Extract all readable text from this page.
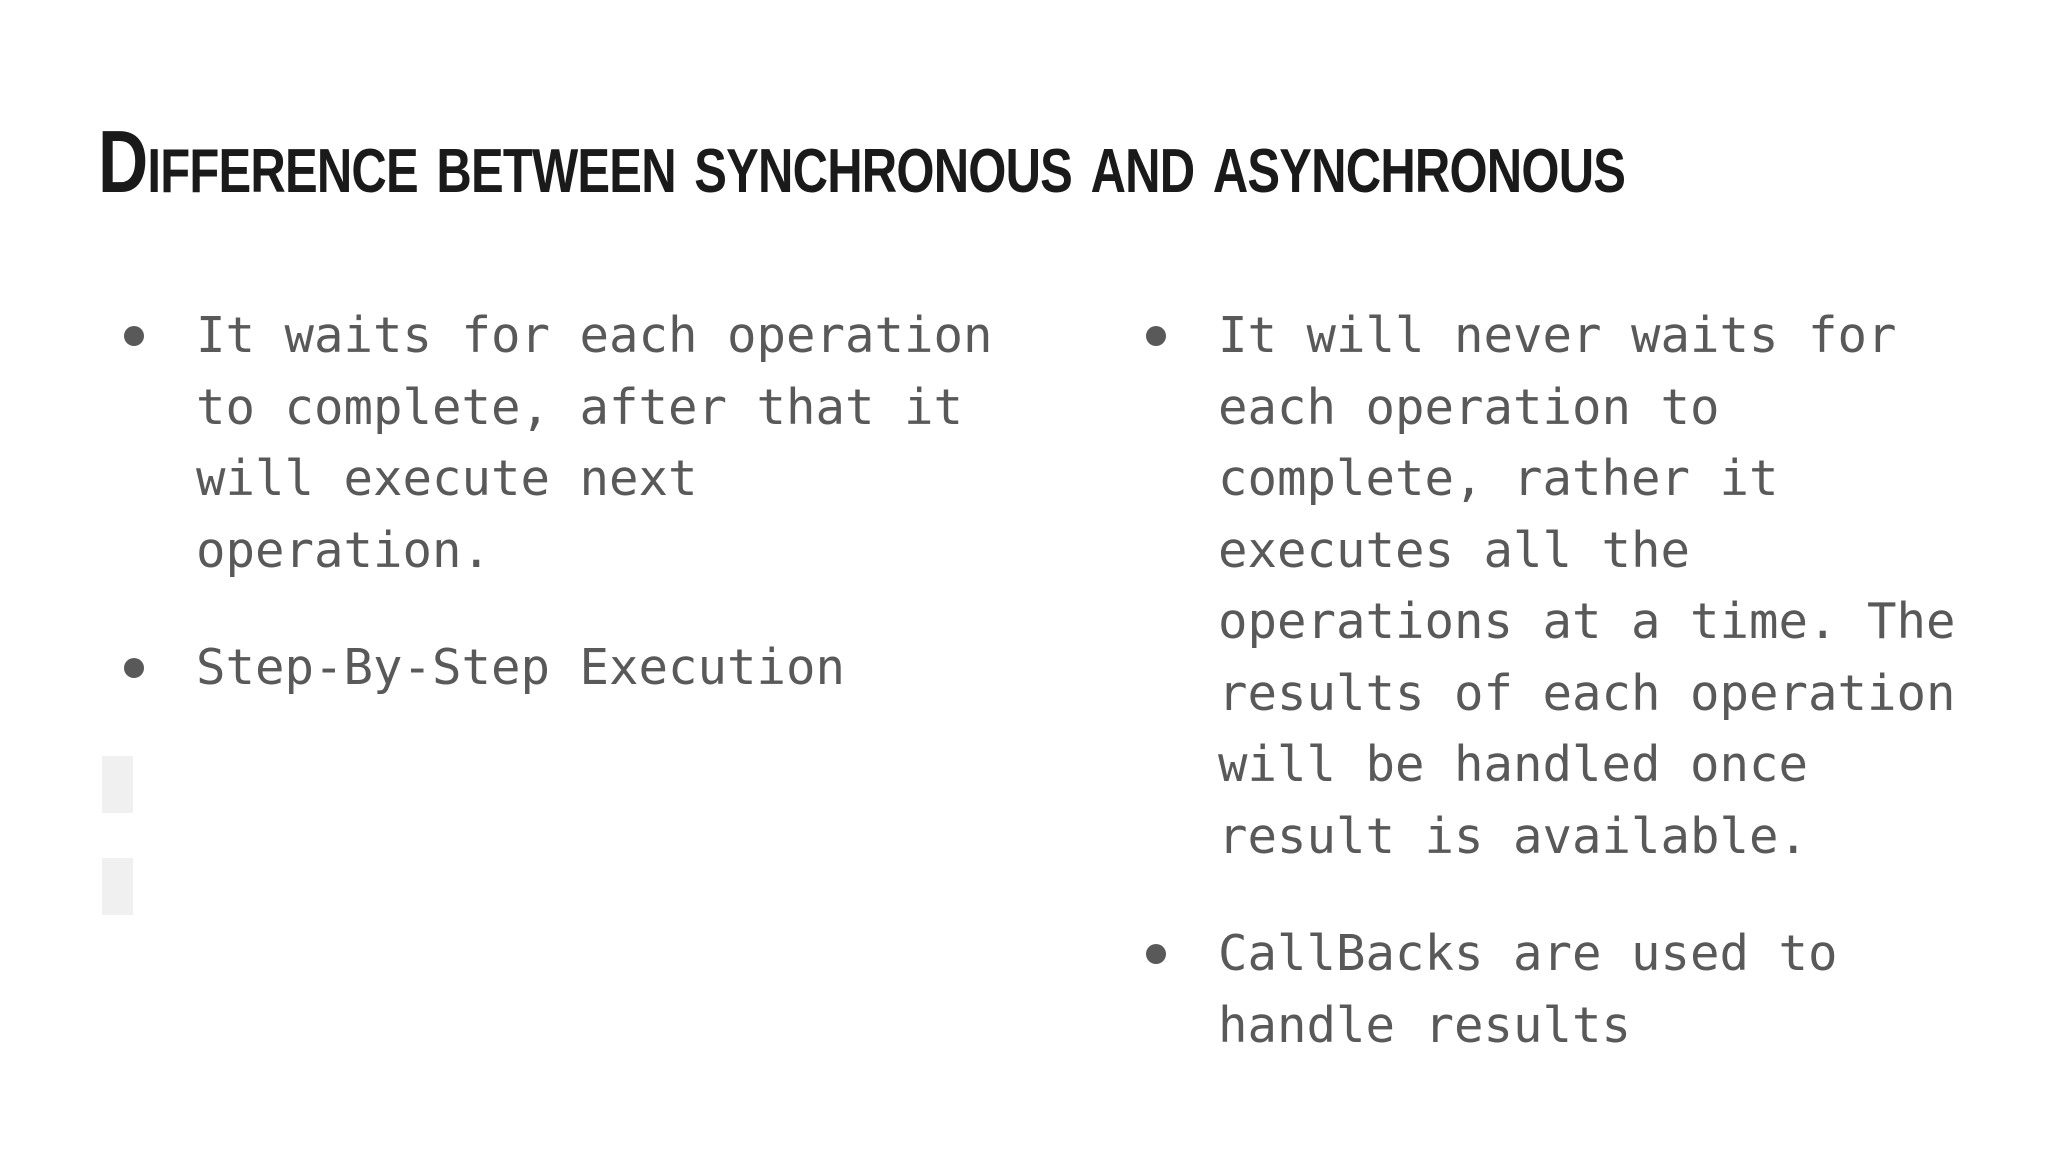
Difference between synchronous and asynchronous
It waits for each operation to complete, after that it will execute next operation.
Step-By-Step Execution
It will never waits for each operation to complete, rather it executes all the operations at a time. The results of each operation will be handled once result is available.
CallBacks are used to handle results
